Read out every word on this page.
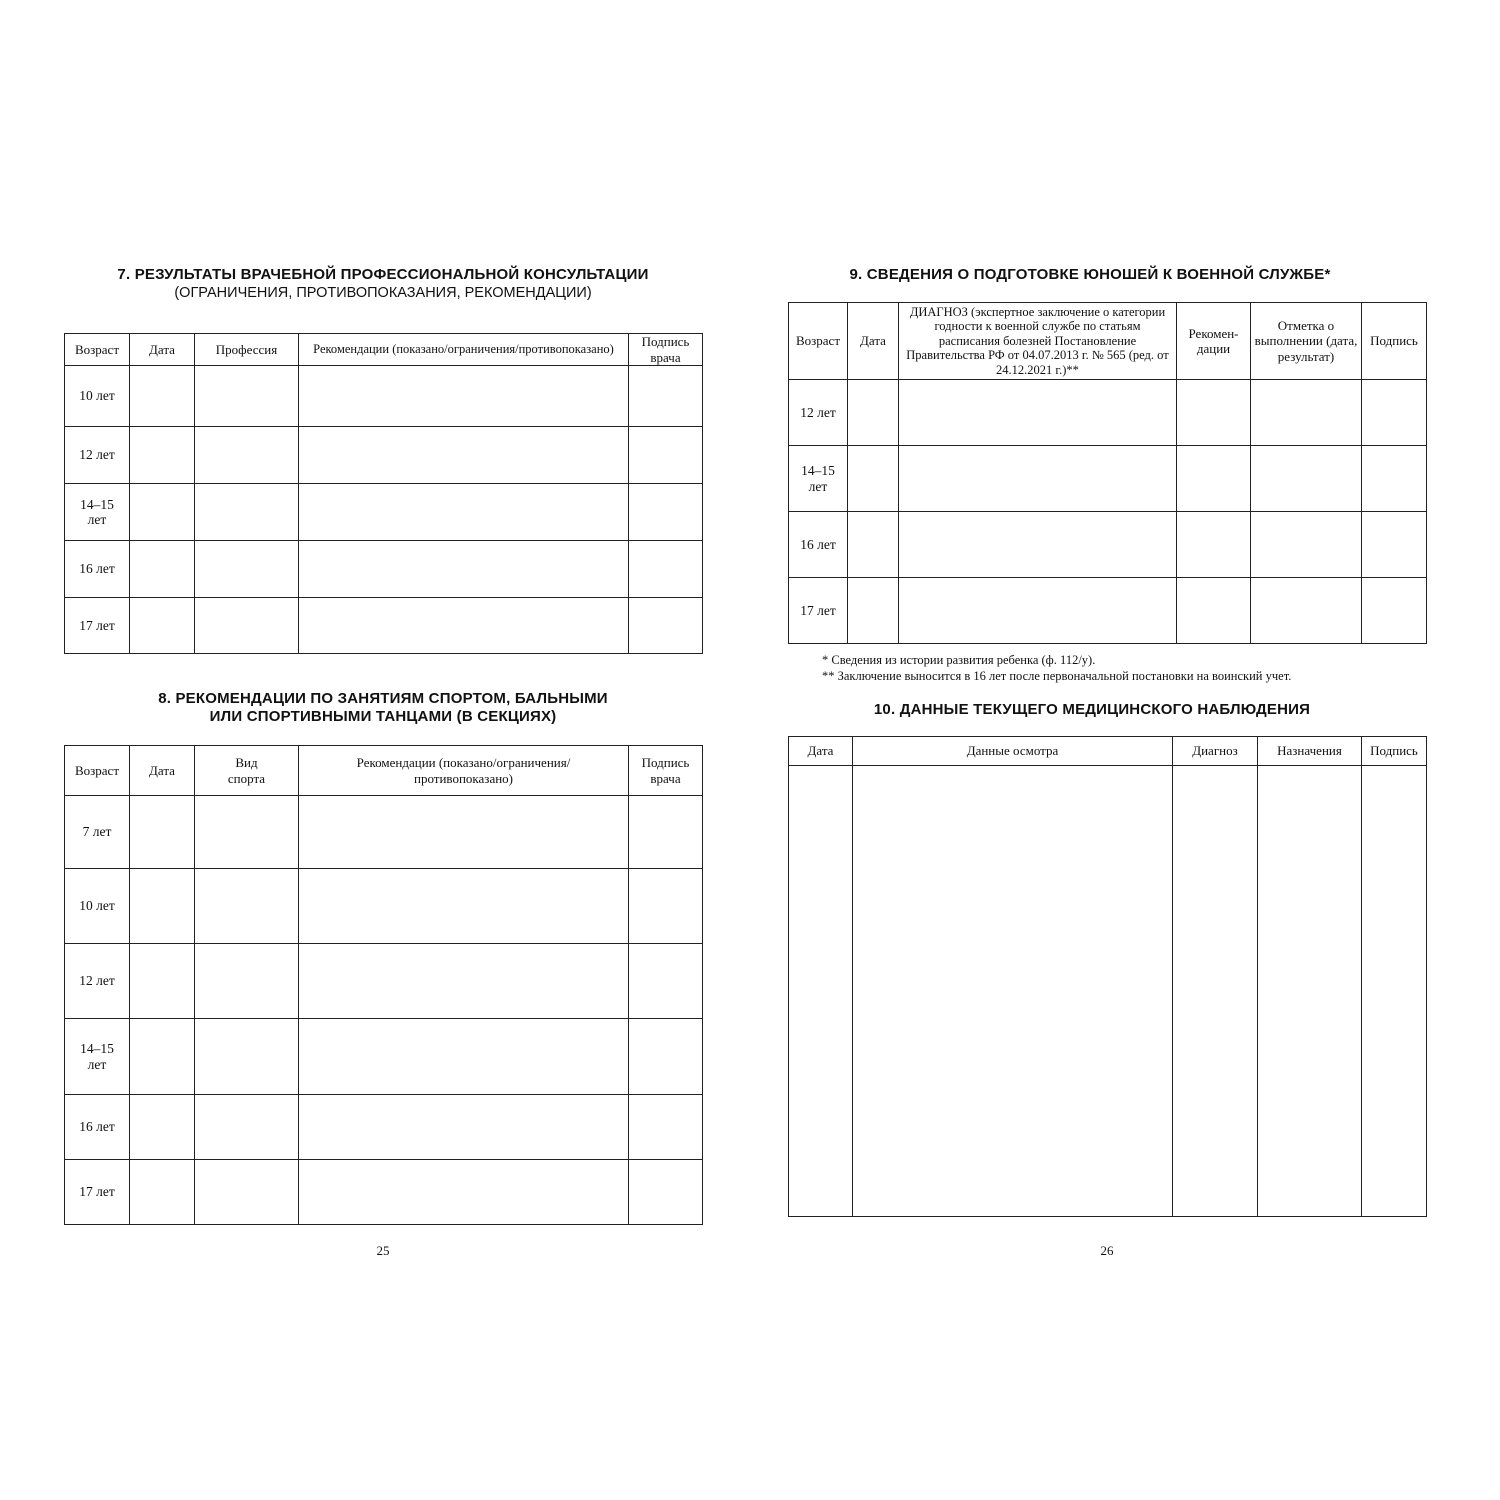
7. РЕЗУЛЬТАТЫ ВРАЧЕБНОЙ ПРОФЕССИОНАЛЬНОЙ КОНСУЛЬТАЦИИ
(ОГРАНИЧЕНИЯ, ПРОТИВОПОКАЗАНИЯ, РЕКОМЕНДАЦИИ)
Возраст	Дата	Профессия	Рекомендации (показано/ограничения/противопоказано)	Подпись врача
10 лет				
12 лет				
14–15 лет				
16 лет				
17 лет				
8. РЕКОМЕНДАЦИИ ПО ЗАНЯТИЯМ СПОРТОМ, БАЛЬНЫМИ
ИЛИ СПОРТИВНЫМИ ТАНЦАМИ (В СЕКЦИЯХ)
Возраст	Дата	Вид спорта	Рекомендации (показано/ограничения/противопоказано)	Подпись врача
7 лет				
10 лет				
12 лет				
14–15 лет				
16 лет				
17 лет				
25
9. СВЕДЕНИЯ О ПОДГОТОВКЕ ЮНОШЕЙ К ВОЕННОЙ СЛУЖБЕ*
Возраст	Дата	ДИАГНОЗ (экспертное заключение о категории годности к военной службе по статьям расписания болезней Постановление Правительства РФ от 04.07.2013 г. № 565 (ред. от 24.12.2021 г.)**	Рекомен- дации	Отметка о выполнении (дата, результат)	Подпись
12 лет					
14–15 лет					
16 лет					
17 лет					
* Сведения из истории развития ребенка (ф. 112/у).
** Заключение выносится в 16 лет после первоначальной постановки на воинский учет.
10. ДАННЫЕ ТЕКУЩЕГО МЕДИЦИНСКОГО НАБЛЮДЕНИЯ
Дата	Данные осмотра	Диагноз	Назначения	Подпись

26
